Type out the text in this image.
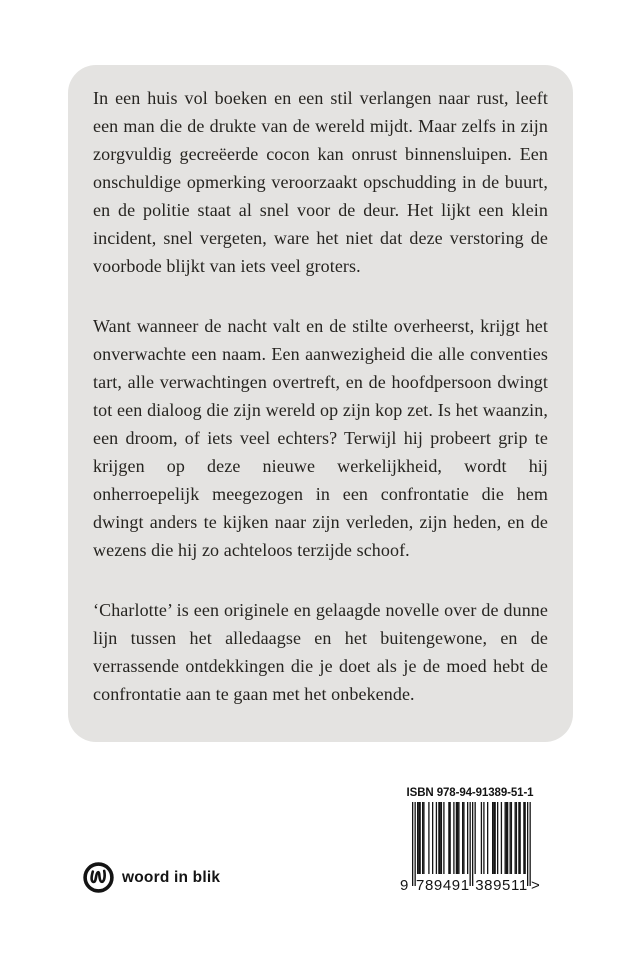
In een huis vol boeken en een stil verlangen naar rust, leeft een man die de drukte van de wereld mijdt. Maar zelfs in zijn zorgvuldig gecreëerde cocon kan onrust binnensluipen. Een onschuldige opmerking veroorzaakt opschudding in de buurt, en de politie staat al snel voor de deur. Het lijkt een klein incident, snel vergeten, ware het niet dat deze verstoring de voorbode blijkt van iets veel groters.

Want wanneer de nacht valt en de stilte overheerst, krijgt het onverwachte een naam. Een aanwezigheid die alle conventies tart, alle verwachtingen overtreft, en de hoofdpersoon dwingt tot een dialoog die zijn wereld op zijn kop zet. Is het waanzin, een droom, of iets veel echters? Terwijl hij probeert grip te krijgen op deze nieuwe werkelijkheid, wordt hij onherroepelijk meegezogen in een confrontatie die hem dwingt anders te kijken naar zijn verleden, zijn heden, en de wezens die hij zo achteloos terzijde schoof.

‘Charlotte’ is een originele en gelaagde novelle over de dunne lijn tussen het alledaagse en het buitengewone, en de verrassende ontdekkingen die je doet als je de moed hebt de confrontatie aan te gaan met het onbekende.

ISBN 978-94-91389-51-1
9 789491 389511 >
woord in blik
